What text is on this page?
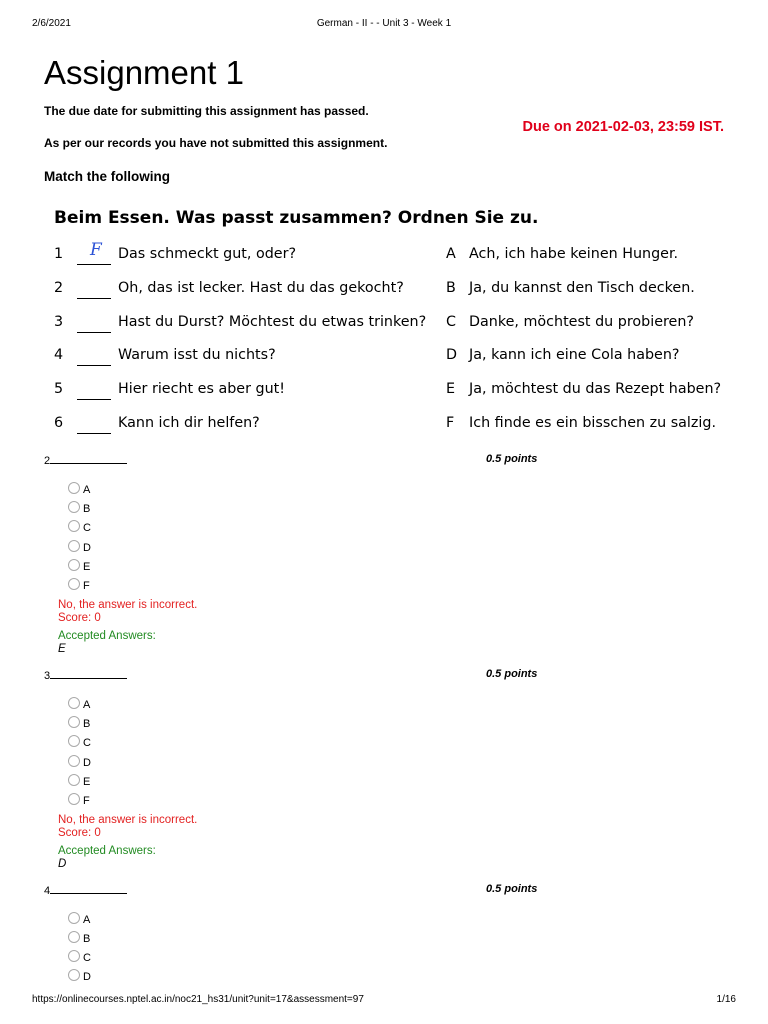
2/6/2021	German - II - - Unit 3 - Week 1
Assignment 1
The due date for submitting this assignment has passed.
As per our records you have not submitted this assignment.
Due on 2021-02-03, 23:59 IST.
Match the following
Beim Essen. Was passt zusammen? Ordnen Sie zu.
1 F Das schmeckt gut, oder?	A Ach, ich habe keinen Hunger.
2	Oh, das ist lecker. Hast du das gekocht?	B Ja, du kannst den Tisch decken.
3	Hast du Durst? Möchtest du etwas trinken? C Danke, möchtest du probieren?
4	Warum isst du nichts?	D Ja, kann ich eine Cola haben?
5	Hier riecht es aber gut!	E Ja, möchtest du das Rezept haben?
6	Kann ich dir helfen?	F Ich finde es ein bisschen zu salzig.
2	0.5 points
A
B
C
D
E
F
No, the answer is incorrect.
Score: 0
Accepted Answers:
E
3	0.5 points
A
B
C
D
E
F
No, the answer is incorrect.
Score: 0
Accepted Answers:
D
4	0.5 points
A
B
C
D
https://onlinecourses.nptel.ac.in/noc21_hs31/unit?unit=17&assessment=97	1/16
